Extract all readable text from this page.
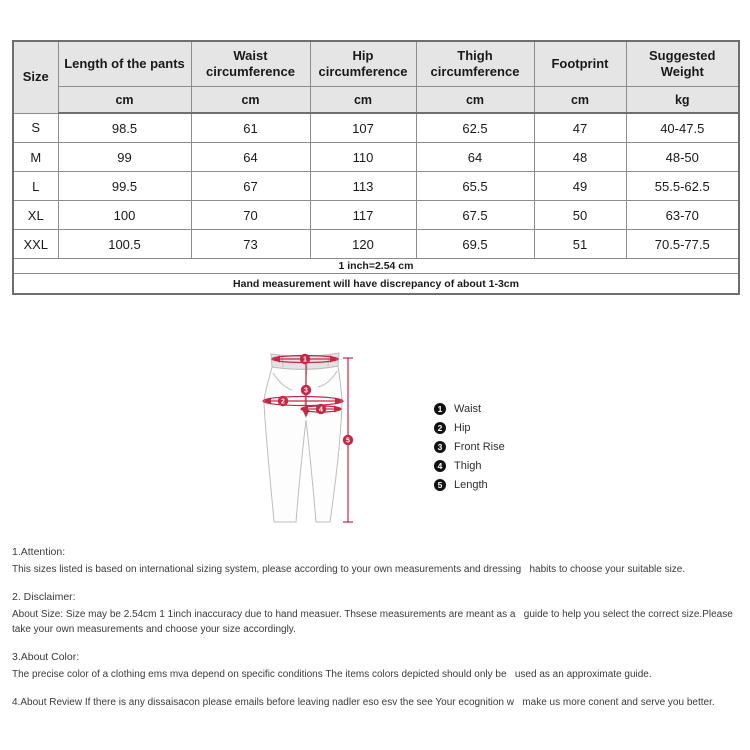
Size	Length of the pants	Waist circumference	Hip circumference	Thigh circumference	Footprint	Suggested Weight
	cm	cm	cm	cm	cm	kg
S	98.5	61	107	62.5	47	40-47.5
M	99	64	110	64	48	48-50
L	99.5	67	113	65.5	49	55.5-62.5
XL	100	70	117	67.5	50	63-70
XXL	100.5	73	120	69.5	51	70.5-77.5
1 inch=2.54 cm						
Hand measurement will have discrepancy of about 1-3cm						
1
2
3
4
5
1	Waist
2	Hip
3	Front Rise
4	Thigh
5	Length

1.Attention:

This sizes listed is based on international sizing system, please according to your own measurements and dressing   habits to choose your suitable size.

2. Disclaimer:

About Size: Size may be 2.54cm 1 1inch inaccuracy due to hand measuer. Thsese measurements are meant as a   guide to help you select the correct size.Please take your own measurements and choose your size accordingly.

3.About Color:

The precise color of a clothing ems mva depend on specific conditions The items colors depicted should only be   used as an approximate guide.

4.About Review If there is any dissaisacon please emails before leaving nadler eso esv the see Your ecognition w   make us more conent and serve you better.
